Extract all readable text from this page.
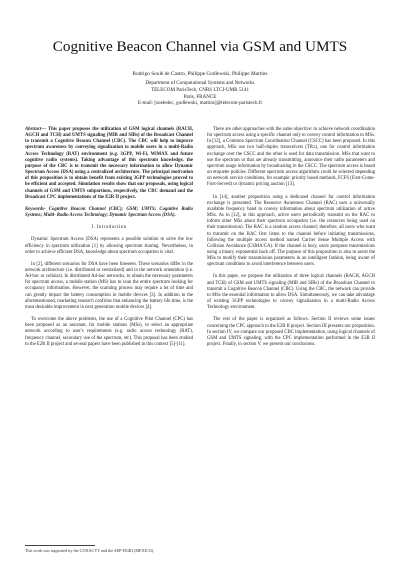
Cognitive Beacon Channel via GSM and UMTS
Rodrigo Soulé de Castro, Philippe Godlewski, Philippe Martins
Department of Computational Systems and Networks
TELECOM ParisTech, CNRS LTCI-UMR 5141
Paris, FRANCE
E-mail: [soeledec, godlewski, martins]@telecom-paristech.fr

Abstract— This paper proposes the utilization of GSM logical channels (RACH, AGCH and TCH) and UMTS signaling (MIB and SIBs) of the Broadcast Channel to transmit a Cognitive Beacon Channel (CBC). The CBC will help to improve spectrum awareness by conveying signalization to mobile users in a multi-Radio Access Technology (RAT) environment (e.g. 3GPP, Wi-Fi, WiMAX and future cognitive radio systems). Taking advantage of this spectrum knowledge, the purpose of the CBC is to transmit the necessary information to allow Dynamic Spectrum Access (DSA) using a centralized architecture. The principal motivation of this proposition is to obtain benefit from existing 3GPP technologies proved to be efficient and accepted. Simulation results show that our proposals, using logical channels of GSM and UMTS subportions, respectively, the CBC demand and the Broadcast CPC implementations of the E2R II project.

Keywords- Cognitive Beacon Channel (CBC); GSM; UMTS; Cognitive Radio Systems; Multi- Radio Access Technology; Dynamic Spectrum Access (DSA).

I. Introduction

Dynamic Spectrum Access (DSA) represents a possible solution to solve the low efficiency in spectrum utilization [1] by allowing spectrum sharing. Nevertheless, in order to achieve efficient DSA, knowledge about spectrum occupation is vital.

In [2], different scenarios for DSA have been foreseen. These scenarios differ in the network architecture (i.e. distributed or centralized) and in the network orientation (i.e. Ad-hoc or cellular). In distributed Ad-hoc networks, to obtain the necessary parameters for spectrum access, a mobile station (MS) has to scan the entire spectrum looking for occupancy information. However, the scanning process may require a lot of time and can greatly impact the battery consumption in mobile devices [3]. In addition to the aforementioned, marketing research confirms that enhancing the battery life time, is the most desirable improvement in next generation mobile devices [4].

To overcome the above problems, the use of a Cognitive Pilot Channel (CPC) has been proposed as an assistant, for mobile stations (MSs), to select an appropriate network according to user's requirements (e.g. radio access technology (RAT), frequency channel, secondary use of the spectrum, etc). This proposal has been studied in the E2R II project and several papers have been published in this context [5]-[11].

There are other approaches with the same objective: to achieve network coordination for spectrum access using a specific channel only to convey control information to MSs. In [12], a Common Spectrum Coordination Channel (CSCC) has been proposed. In this approach, MSs use two half-duplex transceivers (TRx), one for control information exchange over the CSCC and the other is used for data transmission. MSs that want to use the spectrum or that are already transmitting, announce their radio parameters and spectrum usage information by broadcasting in the CSCC. The spectrum access is based on etiquette policies. Different spectrum access algorithms could be selected depending on network service conditions, for example: priority based methods, FCFS (First-Come-First-Served) or dynamic pricing auction [13].

In [14], another proposition using a dedicated channel for control information exchange is presented. The Resource Awareness Channel (RAC) uses a universally available frequency band to convey information about spectrum utilization of active MSs. As in [12], in this approach, active users periodically transmit on the RAC to inform other MSs about their spectrum occupation (i.e. the resources being used on their transmission). The RAC is a random access channel; therefore, all users who want to transmit on the RAC first listen to the channel before initiating transmissions, following the multiple access method named Carrier Sense Multiple Access with Collision Avoidance (CSMA/CA). If the channel is busy, users postpone transmissions using a binary exponential back off. The purpose of this proposition is also to assist the MSs to modify their transmission parameters in an intelligent fashion, being aware of spectrum conditions to avoid interference between users.

In this paper, we propose the utilization of three logical channels (RACH, AGCH and TCH) of GSM and UMTS signaling (MIB and SIBs) of the Broadcast Channel to transmit a Cognitive Beacon Channel (CBC). Using the CBC, the network can provide to MSs the essential information to allow DSA. Simultaneously, we can take advantage of existing 3GPP technologies to convey signalization in a multi-Radio Access Technology environment.

The rest of the paper is organized as follows. Section II reviews some issues concerning the CPC approach in the E2R II project. Section III presents our proposition. In section IV, we compare our proposed CBC implementation, using logical channels of GSM and UMTS signaling, with the CPC implementation performed in the E2R II project. Finally, in section V, we present our conclusions.

This work was supported by the CONACYT and the SEP-DGRI (MEXICO).
